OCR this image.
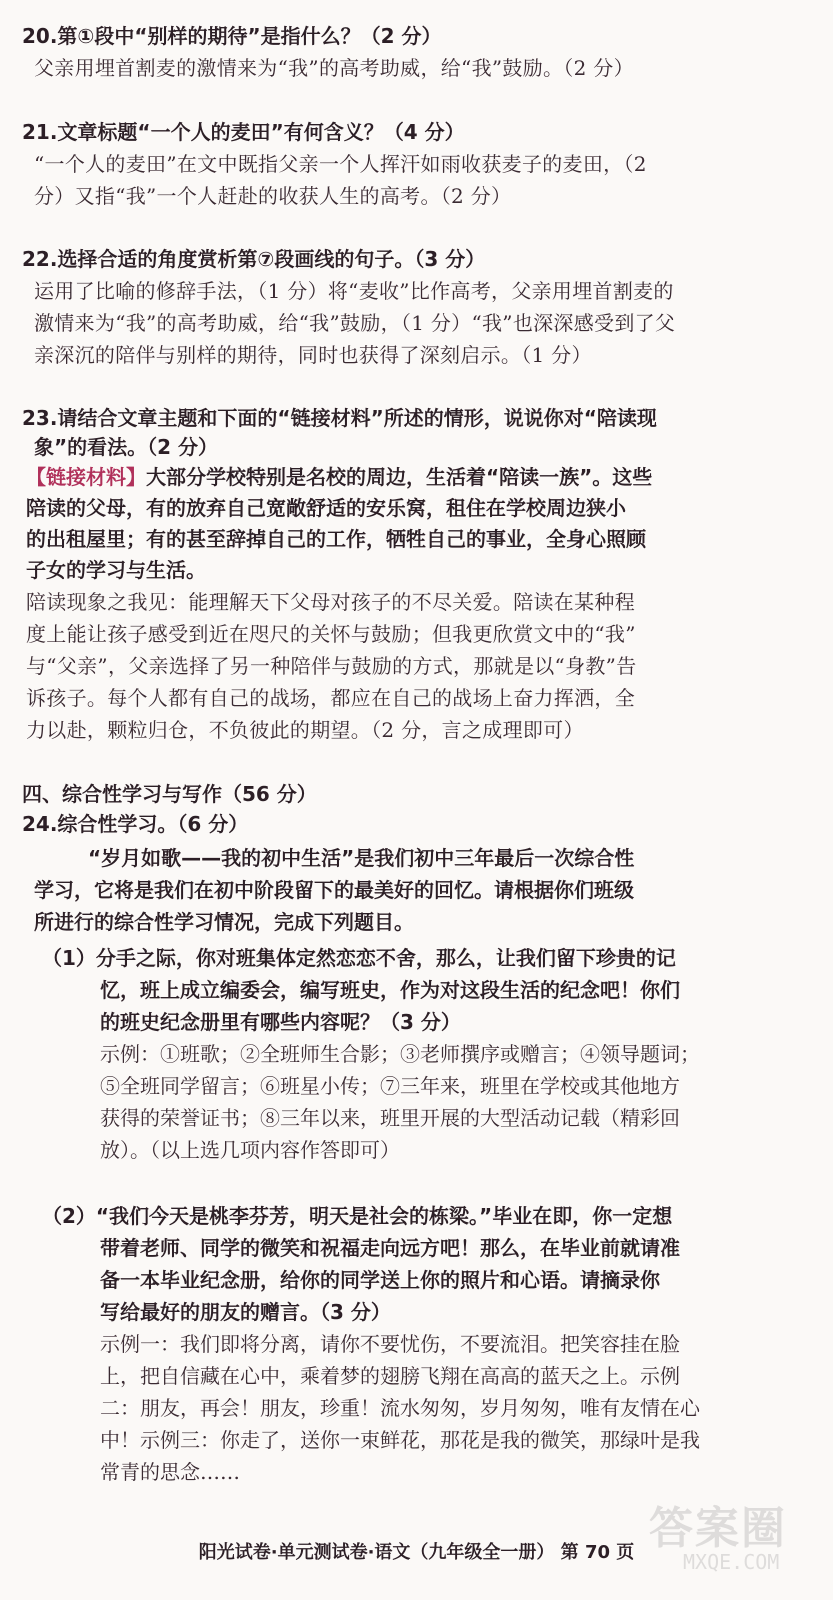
20.第①段中“别样的期待”是指什么？（2 分）

父亲用埋首割麦的激情来为“我”的高考助威，给“我”鼓励。（2 分）

21.文章标题“一个人的麦田”有何含义？（4 分）

“一个人的麦田”在文中既指父亲一个人挥汗如雨收获麦子的麦田，（2

分）又指“我”一个人赶赴的收获人生的高考。（2 分）

22.选择合适的角度赏析第⑦段画线的句子。（3 分）

运用了比喻的修辞手法，（1 分）将“麦收”比作高考，父亲用埋首割麦的

激情来为“我”的高考助威，给“我”鼓励，（1 分）“我”也深深感受到了父

亲深沉的陪伴与别样的期待，同时也获得了深刻启示。（1 分）

23.请结合文章主题和下面的“链接材料”所述的情形，说说你对“陪读现

象”的看法。（2 分）

【链接材料】大部分学校特别是名校的周边，生活着“陪读一族”。这些

陪读的父母，有的放弃自己宽敞舒适的安乐窝，租住在学校周边狭小

的出租屋里；有的甚至辞掉自己的工作，牺牲自己的事业，全身心照顾

子女的学习与生活。

陪读现象之我见：能理解天下父母对孩子的不尽关爱。陪读在某种程

度上能让孩子感受到近在咫尺的关怀与鼓励；但我更欣赏文中的“我”

与“父亲”，父亲选择了另一种陪伴与鼓励的方式，那就是以“身教”告

诉孩子。每个人都有自己的战场，都应在自己的战场上奋力挥洒，全

力以赴，颗粒归仓，不负彼此的期望。（2 分，言之成理即可）

四、综合性学习与写作（56 分）

24.综合性学习。（6 分）

“岁月如歌——我的初中生活”是我们初中三年最后一次综合性

学习，它将是我们在初中阶段留下的最美好的回忆。请根据你们班级

所进行的综合性学习情况，完成下列题目。

（1）分手之际，你对班集体定然恋恋不舍，那么，让我们留下珍贵的记

忆，班上成立编委会，编写班史，作为对这段生活的纪念吧！你们

的班史纪念册里有哪些内容呢？（3 分）

示例：①班歌；②全班师生合影；③老师撰序或赠言；④领导题词；

⑤全班同学留言；⑥班星小传；⑦三年来，班里在学校或其他地方

获得的荣誉证书；⑧三年以来，班里开展的大型活动记载（精彩回

放）。（以上选几项内容作答即可）

（2）“我们今天是桃李芬芳，明天是社会的栋梁。”毕业在即，你一定想

带着老师、同学的微笑和祝福走向远方吧！那么，在毕业前就请准

备一本毕业纪念册，给你的同学送上你的照片和心语。请摘录你

写给最好的朋友的赠言。（3 分）

示例一：我们即将分离，请你不要忧伤，不要流泪。把笑容挂在脸

上，把自信藏在心中，乘着梦的翅膀飞翔在高高的蓝天之上。示例

二：朋友，再会！朋友，珍重！流水匆匆，岁月匆匆，唯有友情在心

中！示例三：你走了，送你一束鲜花，那花是我的微笑，那绿叶是我

常青的思念……

答案圈
MXQE.COM
阳光试卷·单元测试卷·语文（九年级全一册） 第 70 页
